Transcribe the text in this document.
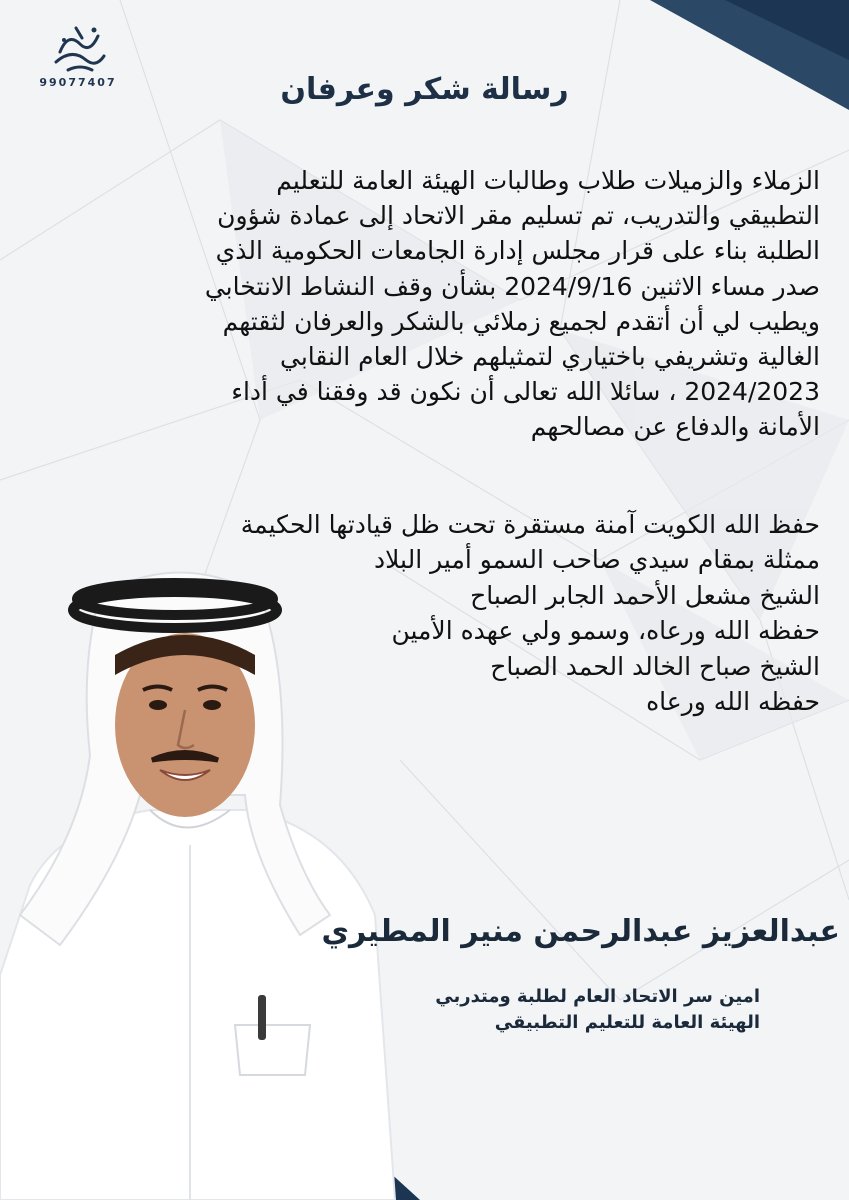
99077407	رسالة شكر وعرفان
الزملاء والزميلات طلاب وطالبات الهيئة العامة للتعليم
التطبيقي والتدريب، تم تسليم مقر الاتحاد إلى عمادة شؤون
الطلبة بناء على قرار مجلس إدارة الجامعات الحكومية الذي
صدر مساء الاثنين 2024/9/16 بشأن وقف النشاط الانتخابي
ويطيب لي أن أتقدم لجميع زملائي بالشكر والعرفان لثقتهم
الغالية وتشريفي باختياري لتمثيلهم خلال العام النقابي
2024/2023 ، سائلا الله تعالى أن نكون قد وفقنا في أداء
الأمانة والدفاع عن مصالحهم
حفظ الله الكويت آمنة مستقرة تحت ظل قيادتها الحكيمة
ممثلة بمقام سيدي صاحب السمو أمير البلاد
الشيخ مشعل الأحمد الجابر الصباح
حفظه الله ورعاه، وسمو ولي عهده الأمين
الشيخ صباح الخالد الحمد الصباح
حفظه الله ورعاه
عبدالعزيز عبدالرحمن منير المطيري
امين سر الاتحاد العام لطلبة ومتدربي
الهيئة العامة للتعليم التطبيقي
